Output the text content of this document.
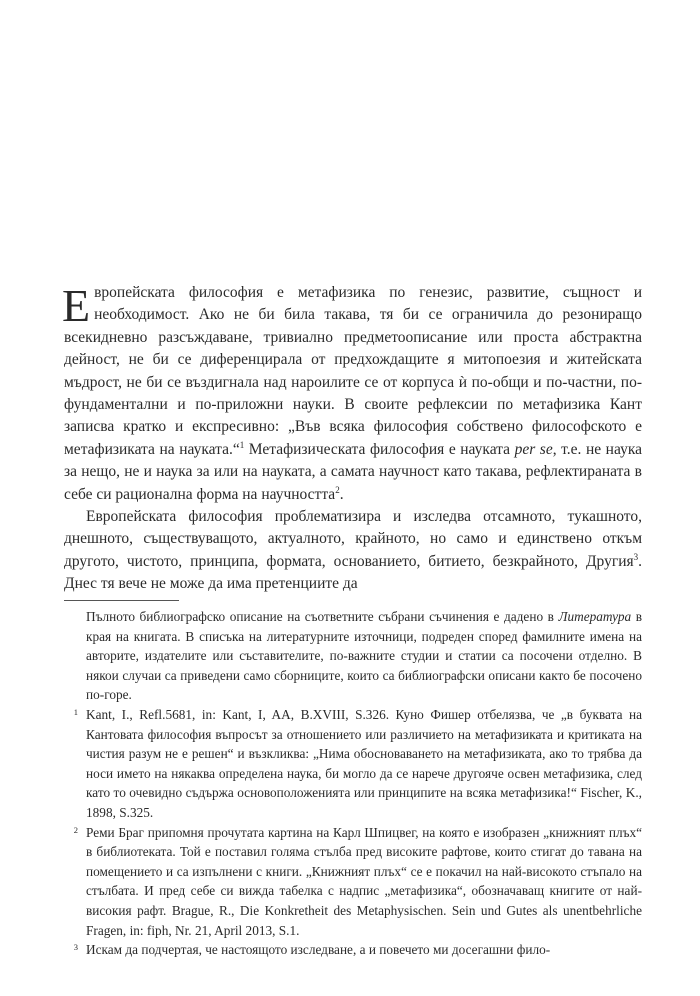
Европейската философия е метафизика по генезис, развитие, същност и необходимост. Ако не би била такава, тя би се ограничила до резониращо всекидневно разсъждаване, тривиално предметоописание или проста абстрактна дейност, не би се диференцирала от предхождащите я митопоезия и житейската мъдрост, не би се въздигнала над нароилите се от корпуса ѝ по-общи и по-частни, по-фундаментални и по-приложни науки. В своите рефлексии по метафизика Кант записва кратко и експресивно: „Във всяка философия собствено философското е метафизиката на науката.“$^1$ Метафизическата философия е науката per se, т.е. не наука за нещо, не и наука за или на науката, а самата научност като такава, рефлектираната в себе си рационална форма на научността$^2$.

Европейската философия проблематизира и изследва отсамното, тукашното, днешното, съществуващото, актуалното, крайното, но само и единствено откъм другото, чистото, принципа, формата, основанието, битието, безкрайното, Другия$^3$. Днес тя вече не може да има претенциите да

Пълното библиографско описание на съответните събрани съчинения е дадено в Литература в края на книгата. В списъка на литературните източници, подреден според фамилните имена на авторите, издателите или съставителите, по-важните студии и статии са посочени отделно. В някои случаи са приведени само сборниците, които са библиографски описани както бе посочено по-горе.

1 Kant, I., Refl.5681, in: Kant, I, AA, B.XVIII, S.326. Куно Фишер отбелязва, че „в буквата на Кантовата философия въпросът за отношението или различието на метафизиката и критиката на чистия разум не е решен“ и възкликва: „Нима обосноваването на метафизиката, ако то трябва да носи името на някаква определена наука, би могло да се нарече другояче освен метафизика, след като то очевидно съдържа основоположенията или принципите на всяка метафизика!“ Fischer, K., 1898, S.325.

2 Реми Браг припомня прочутата картина на Карл Шпицвег, на която е изобразен „книжният плъх“ в библиотеката. Той е поставил голяма стълба пред високите рафтове, които стигат до тавана на помещението и са изпълнени с книги. „Книжният плъх“ се е покачил на най-високото стъпало на стълбата. И пред себе си вижда табелка с надпис „метафизика“, обозначаващ книгите от най-високия рафт. Brague, R., Die Konkretheit des Metaphysischen. Sein und Gutes als unentbehrliche Fragen, in: fiph, Nr. 21, April 2013, S.1.

3 Искам да подчертая, че настоящото изследване, а и повечето ми досегашни фило-
